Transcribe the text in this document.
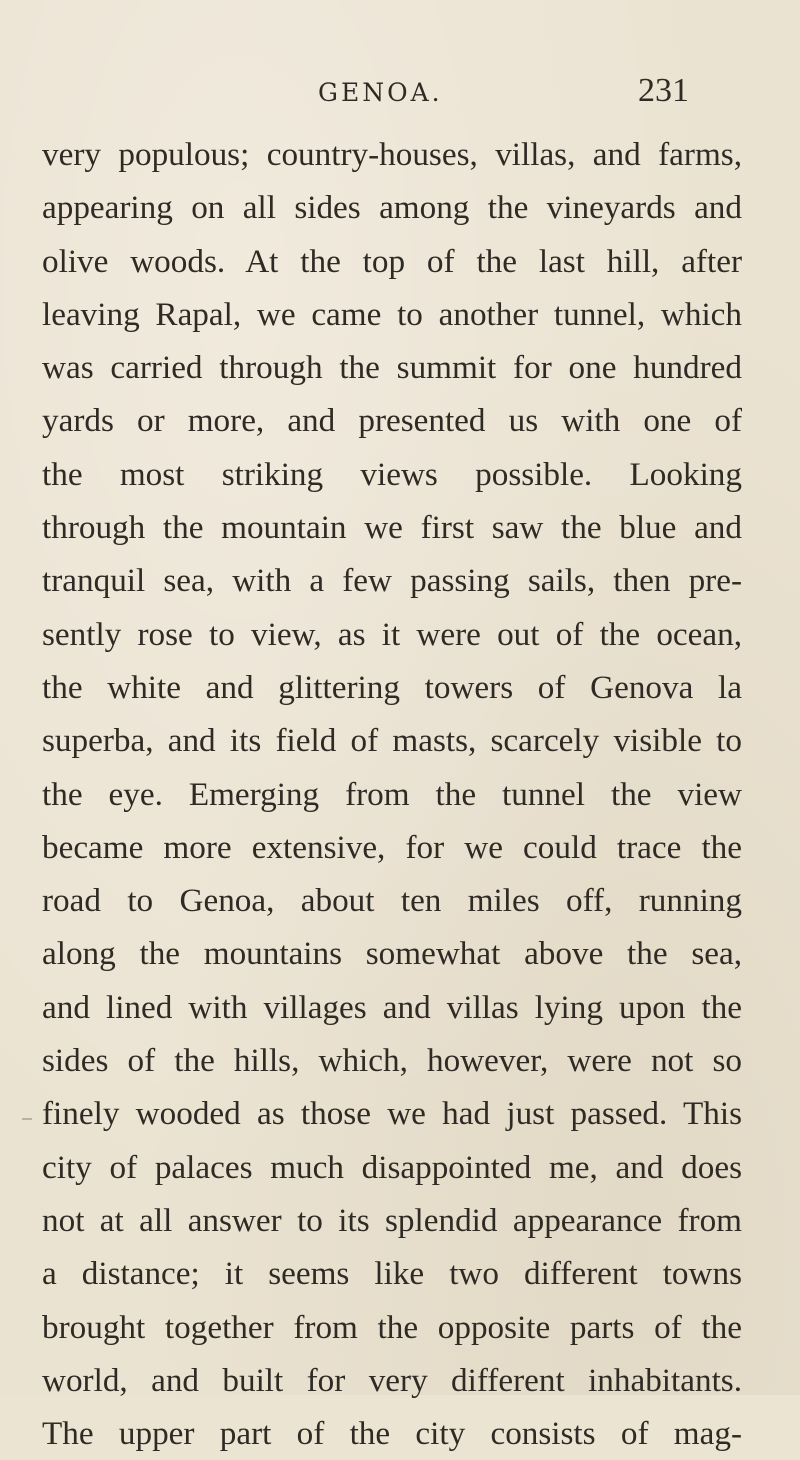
GENOA.	231
very populous; country-houses, villas, and farms,
appearing on all sides among the vineyards and
olive woods. At the top of the last hill, after
leaving Rapal, we came to another tunnel, which
was carried through the summit for one hundred
yards or more, and presented us with one of
the most striking views possible. Looking
through the mountain we first saw the blue and
tranquil sea, with a few passing sails, then pre-
sently rose to view, as it were out of the ocean,
the white and glittering towers of Genova la
superba, and its field of masts, scarcely visible to
the eye. Emerging from the tunnel the view
became more extensive, for we could trace the
road to Genoa, about ten miles off, running
along the mountains somewhat above the sea,
and lined with villages and villas lying upon the
sides of the hills, which, however, were not so
finely wooded as those we had just passed. This
city of palaces much disappointed me, and does
not at all answer to its splendid appearance from
a distance; it seems like two different towns
brought together from the opposite parts of the
world, and built for very different inhabitants.
The upper part of the city consists of mag-
